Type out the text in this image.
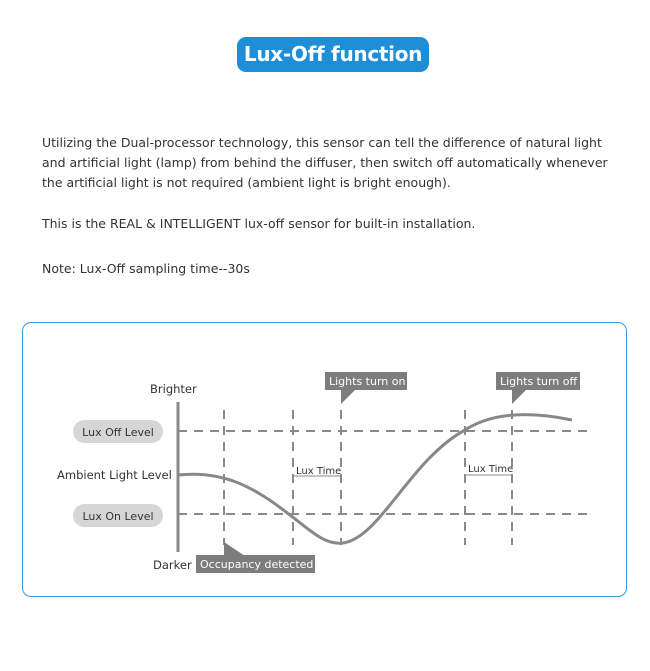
Lux-Off function

Utilizing the Dual-processor technology, this sensor can tell the difference of natural light and artificial light (lamp) from behind the diffuser, then switch off automatically whenever the artificial light is not required (ambient light is bright enough).

This is the REAL & INTELLIGENT lux-off sensor for built-in installation.

Note: Lux-Off sampling time--30s

Lux Time	Lux Time
Brighter
Darker
Ambient Light Level
Lux Off Level
Lux On Level
Lights turn on	Lights turn off
Occupancy detected
